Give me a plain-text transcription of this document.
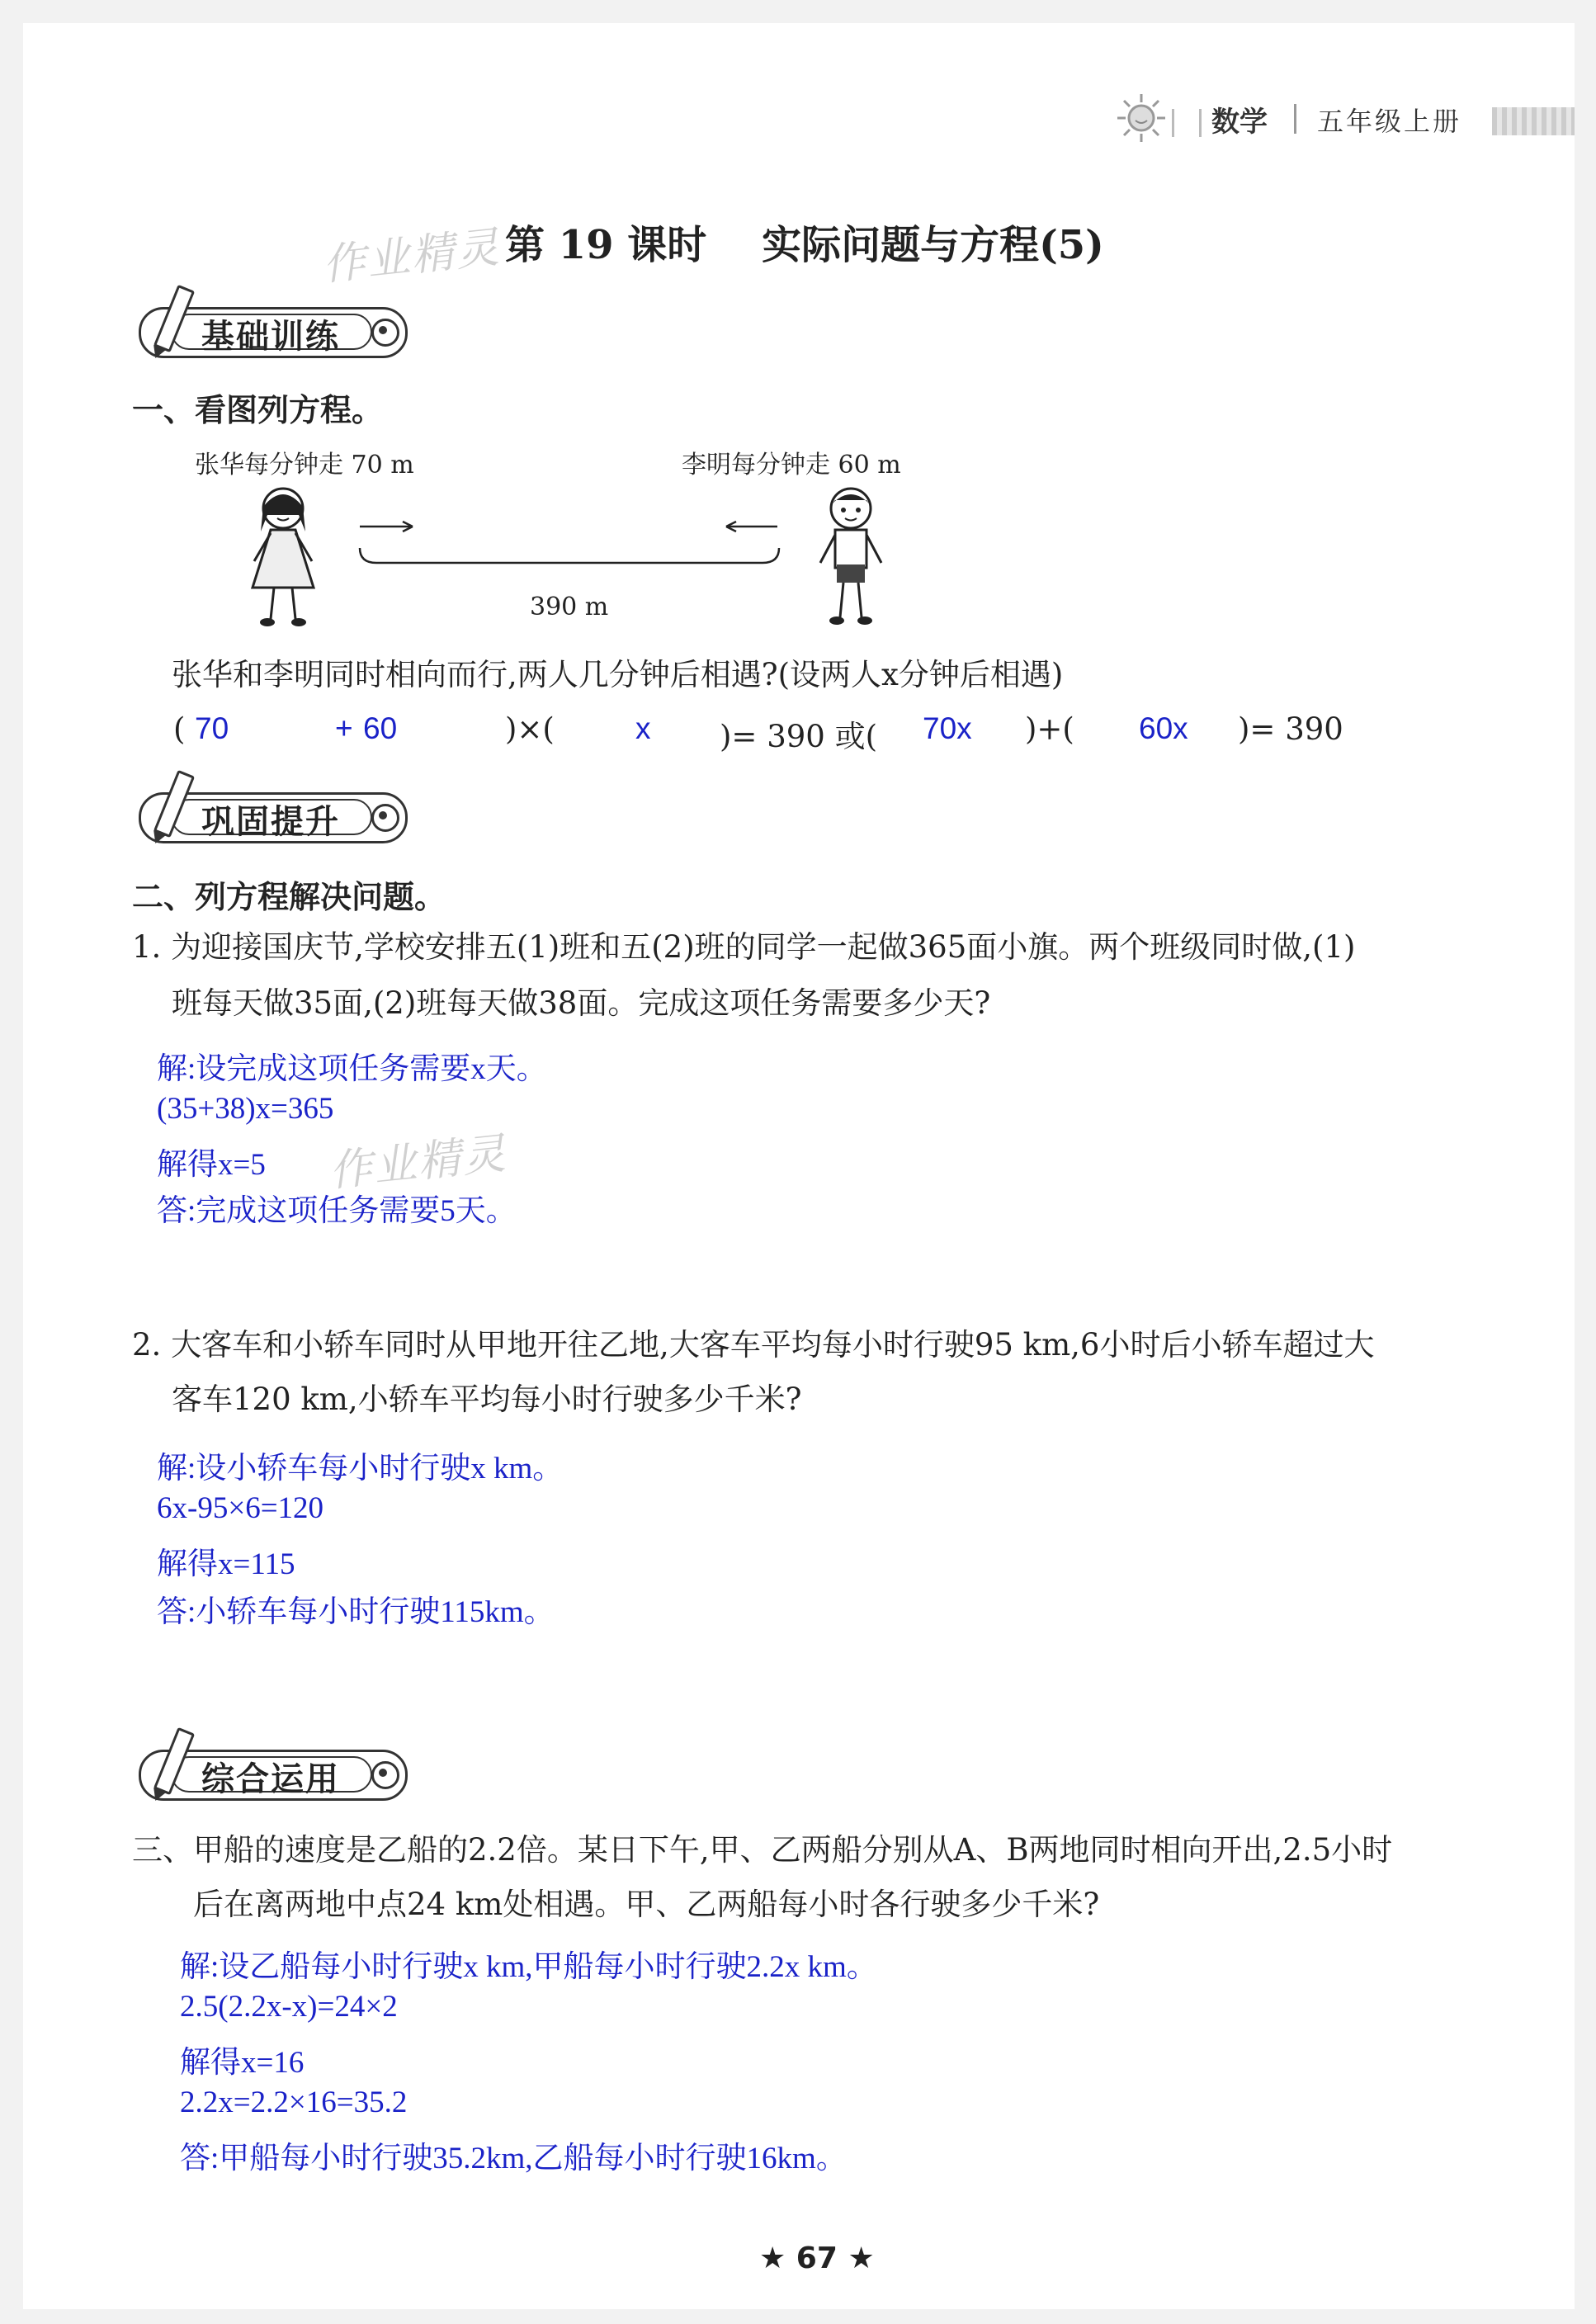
数学 五年级上册
作业精灵 第 19 课时    实际问题与方程(5)
基础训练
一、看图列方程。
张华每分钟走 70 m	李明每分钟走 60 m
390 m
张华和李明同时相向而行,两人几分钟后相遇?(设两人x分钟后相遇)
( 70	+ 60	)×(	x )= 390 或( 70x )+( 60x )= 390
巩固提升
二、列方程解决问题。
1. 为迎接国庆节,学校安排五(1)班和五(2)班的同学一起做365面小旗。两个班级同时做,(1)
班每天做35面,(2)班每天做38面。完成这项任务需要多少天?
解:设完成这项任务需要x天。
(35+38)x=365
解得x=5
答:完成这项任务需要5天。
作业精灵
2. 大客车和小轿车同时从甲地开往乙地,大客车平均每小时行驶95 km,6小时后小轿车超过大
客车120 km,小轿车平均每小时行驶多少千米?
解:设小轿车每小时行驶x km。
6x-95×6=120
解得x=115
答:小轿车每小时行驶115km。
综合运用
三、甲船的速度是乙船的2.2倍。某日下午,甲、乙两船分别从A、B两地同时相向开出,2.5小时
后在离两地中点24 km处相遇。甲、乙两船每小时各行驶多少千米?
解:设乙船每小时行驶x km,甲船每小时行驶2.2x km。
2.5(2.2x-x)=24×2
解得x=16
2.2x=2.2×16=35.2
答:甲船每小时行驶35.2km,乙船每小时行驶16km。
★ 67 ★
